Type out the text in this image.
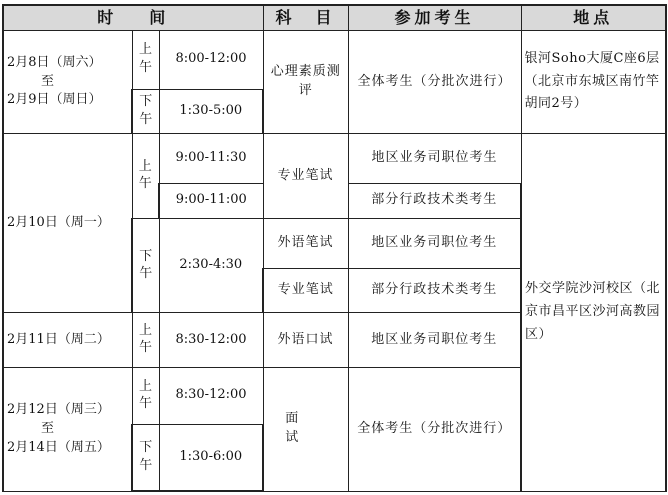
时 间			科　目	参加考生	地点
2月8日（周六）
至
2月9日（周日）	上午	8:00-12:00	心理素质测评	全体考生（分批次进行）	银河Soho大厦C座6层（北京市东城区南竹竿胡同2号）
	下午	1:30-5:00			
2月10日（周一）	上午	9:00-11:30	专业笔试	地区业务司职位考生	外交学院沙河校区（北京市昌平区沙河高教园区）
		9:00-11:00		部分行政技术类考生	
	下午	2:30-4:30	外语笔试	地区业务司职位考生	
			专业笔试	部分行政技术类考生	
2月11日（周二）	上午	8:30-12:00	外语口试	地区业务司职位考生	
2月12日（周三）
至
2月14日（周五）	上午	8:30-12:00	面试	全体考生（分批次进行）	
	下午	1:30-6:00			
